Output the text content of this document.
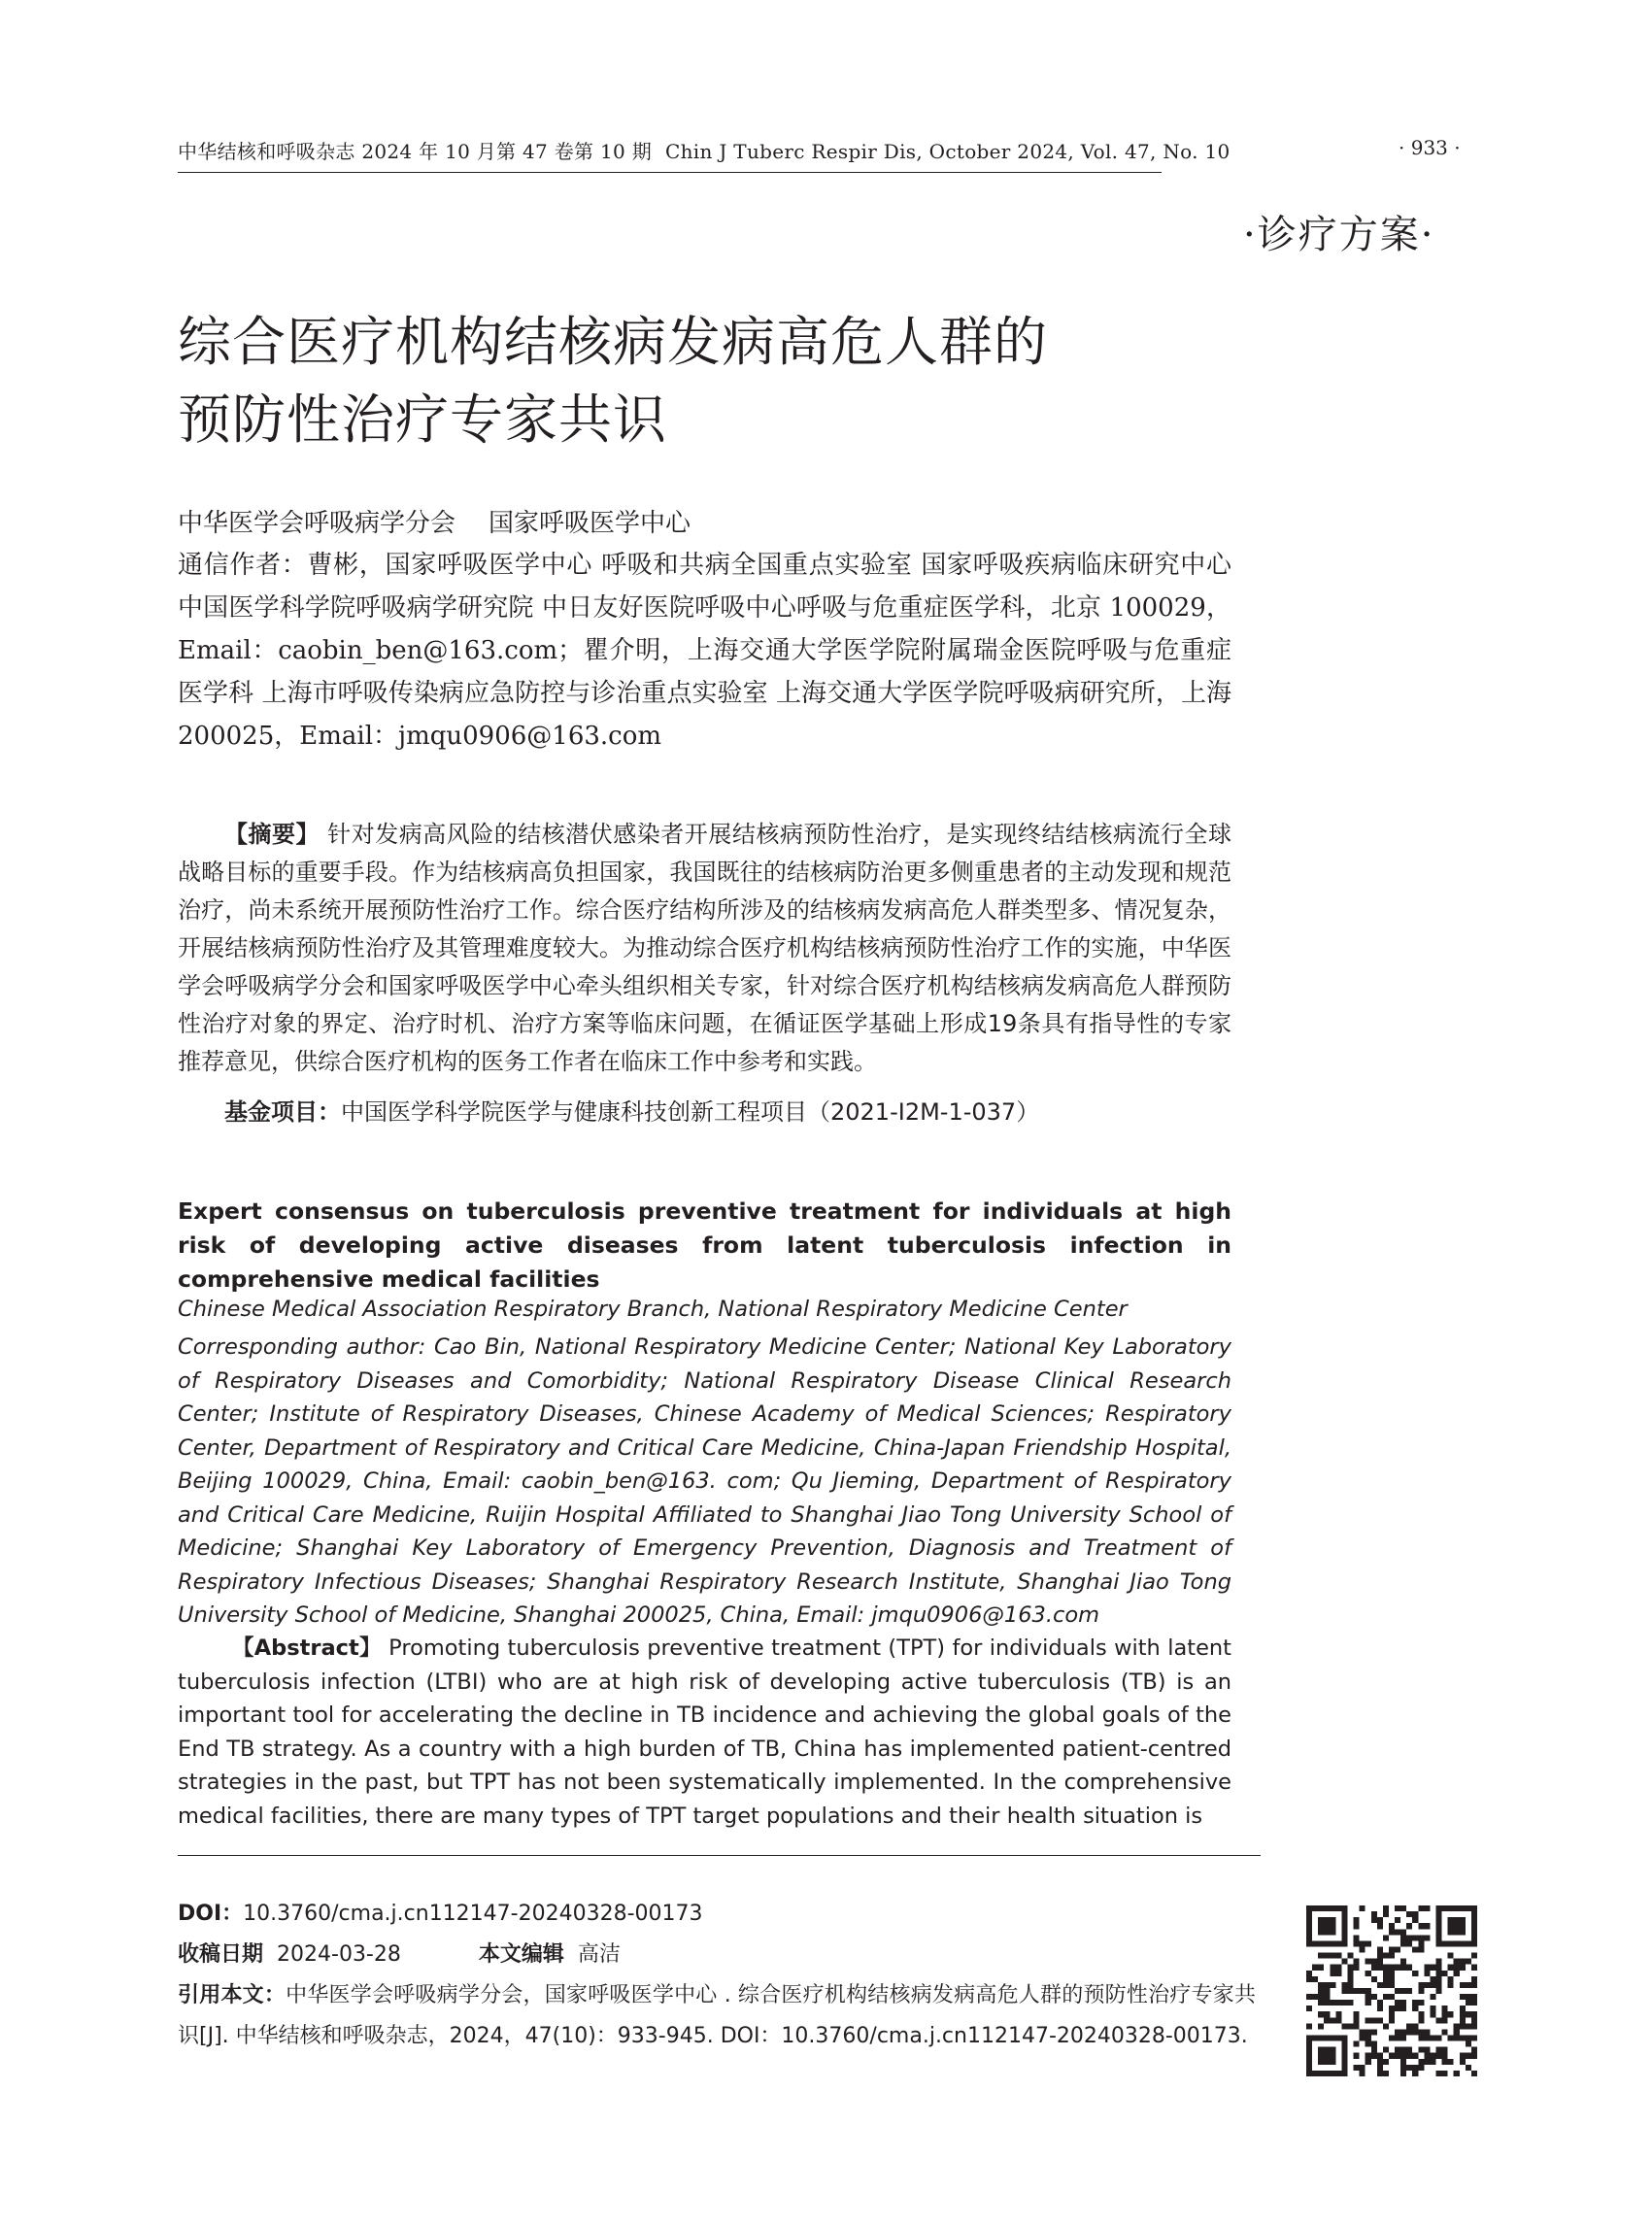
中华结核和呼吸杂志 2024 年 10 月第 47 卷第 10 期 Chin J Tuberc Respir Dis, October 2024, Vol. 47, No. 10	· 933 ·
·诊疗方案·
综合医疗机构结核病发病高危人群的
预防性治疗专家共识
中华医学会呼吸病学分会 国家呼吸医学中心
通信作者：曹彬，国家呼吸医学中心 呼吸和共病全国重点实验室 国家呼吸疾病临床研究中心 中国医学科学院呼吸病学研究院 中日友好医院呼吸中心呼吸与危重症医学科，北京 100029，Email：caobin_ben@163.com；瞿介明，上海交通大学医学院附属瑞金医院呼吸与危重症医学科 上海市呼吸传染病应急防控与诊治重点实验室 上海交通大学医学院呼吸病研究所，上海 200025，Email：jmqu0906@163.com

【摘要】 针对发病高风险的结核潜伏感染者开展结核病预防性治疗，是实现终结结核病流行全球战略目标的重要手段。作为结核病高负担国家，我国既往的结核病防治更多侧重患者的主动发现和规范治疗，尚未系统开展预防性治疗工作。综合医疗结构所涉及的结核病发病高危人群类型多、情况复杂，开展结核病预防性治疗及其管理难度较大。为推动综合医疗机构结核病预防性治疗工作的实施，中华医学会呼吸病学分会和国家呼吸医学中心牵头组织相关专家，针对综合医疗机构结核病发病高危人群预防性治疗对象的界定、治疗时机、治疗方案等临床问题，在循证医学基础上形成19条具有指导性的专家推荐意见，供综合医疗机构的医务工作者在临床工作中参考和实践。

基金项目：中国医学科学院医学与健康科技创新工程项目（2021-I2M-1-037）
Expert consensus on tuberculosis preventive treatment for individuals at high risk of developing active diseases from latent tuberculosis infection in comprehensive medical facilities
Chinese Medical Association Respiratory Branch, National Respiratory Medicine Center
Corresponding author: Cao Bin, National Respiratory Medicine Center; National Key Laboratory of Respiratory Diseases and Comorbidity; National Respiratory Disease Clinical Research Center; Institute of Respiratory Diseases, Chinese Academy of Medical Sciences; Respiratory Center, Department of Respiratory and Critical Care Medicine, China-Japan Friendship Hospital, Beijing 100029, China, Email: caobin_ben@163. com; Qu Jieming, Department of Respiratory and Critical Care Medicine, Ruijin Hospital Affiliated to Shanghai Jiao Tong University School of Medicine; Shanghai Key Laboratory of Emergency Prevention, Diagnosis and Treatment of Respiratory Infectious Diseases; Shanghai Respiratory Research Institute, Shanghai Jiao Tong University School of Medicine, Shanghai 200025, China, Email: jmqu0906@163.com

【Abstract】 Promoting tuberculosis preventive treatment (TPT) for individuals with latent tuberculosis infection (LTBI) who are at high risk of developing active tuberculosis (TB) is an important tool for accelerating the decline in TB incidence and achieving the global goals of the End TB strategy. As a country with a high burden of TB, China has implemented patient-centred strategies in the past, but TPT has not been systematically implemented. In the comprehensive medical facilities, there are many types of TPT target populations and their health situation is

DOI：10.3760/cma.j.cn112147-20240328-00173
收稿日期 2024-03-28	本文编辑 高洁
引用本文：中华医学会呼吸病学分会，国家呼吸医学中心 . 综合医疗机构结核病发病高危人群的预防性治疗专家共识[J]. 中华结核和呼吸杂志，2024，47(10)：933-945. DOI：10.3760/cma.j.cn112147-20240328-00173.
